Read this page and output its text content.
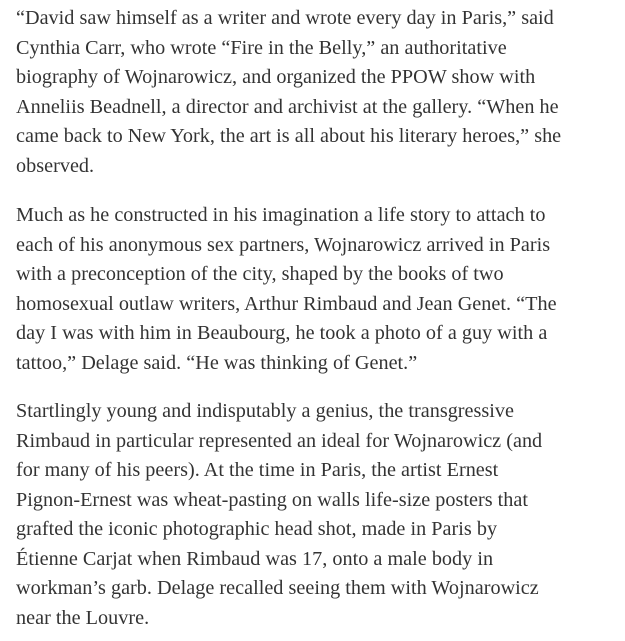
“David saw himself as a writer and wrote every day in Paris,” said
Cynthia Carr, who wrote “Fire in the Belly,” an authoritative
biography of Wojnarowicz, and organized the PPOW show with
Anneliis Beadnell, a director and archivist at the gallery. “When he
came back to New York, the art is all about his literary heroes,” she
observed.

Much as he constructed in his imagination a life story to attach to
each of his anonymous sex partners, Wojnarowicz arrived in Paris
with a preconception of the city, shaped by the books of two
homosexual outlaw writers, Arthur Rimbaud and Jean Genet. “The
day I was with him in Beaubourg, he took a photo of a guy with a
tattoo,” Delage said. “He was thinking of Genet.”

Startlingly young and indisputably a genius, the transgressive
Rimbaud in particular represented an ideal for Wojnarowicz (and
for many of his peers). At the time in Paris, the artist Ernest
Pignon-Ernest was wheat-pasting on walls life-size posters that
grafted the iconic photographic head shot, made in Paris by
Étienne Carjat when Rimbaud was 17, onto a male body in
workman’s garb. Delage recalled seeing them with Wojnarowicz
near the Louvre.
